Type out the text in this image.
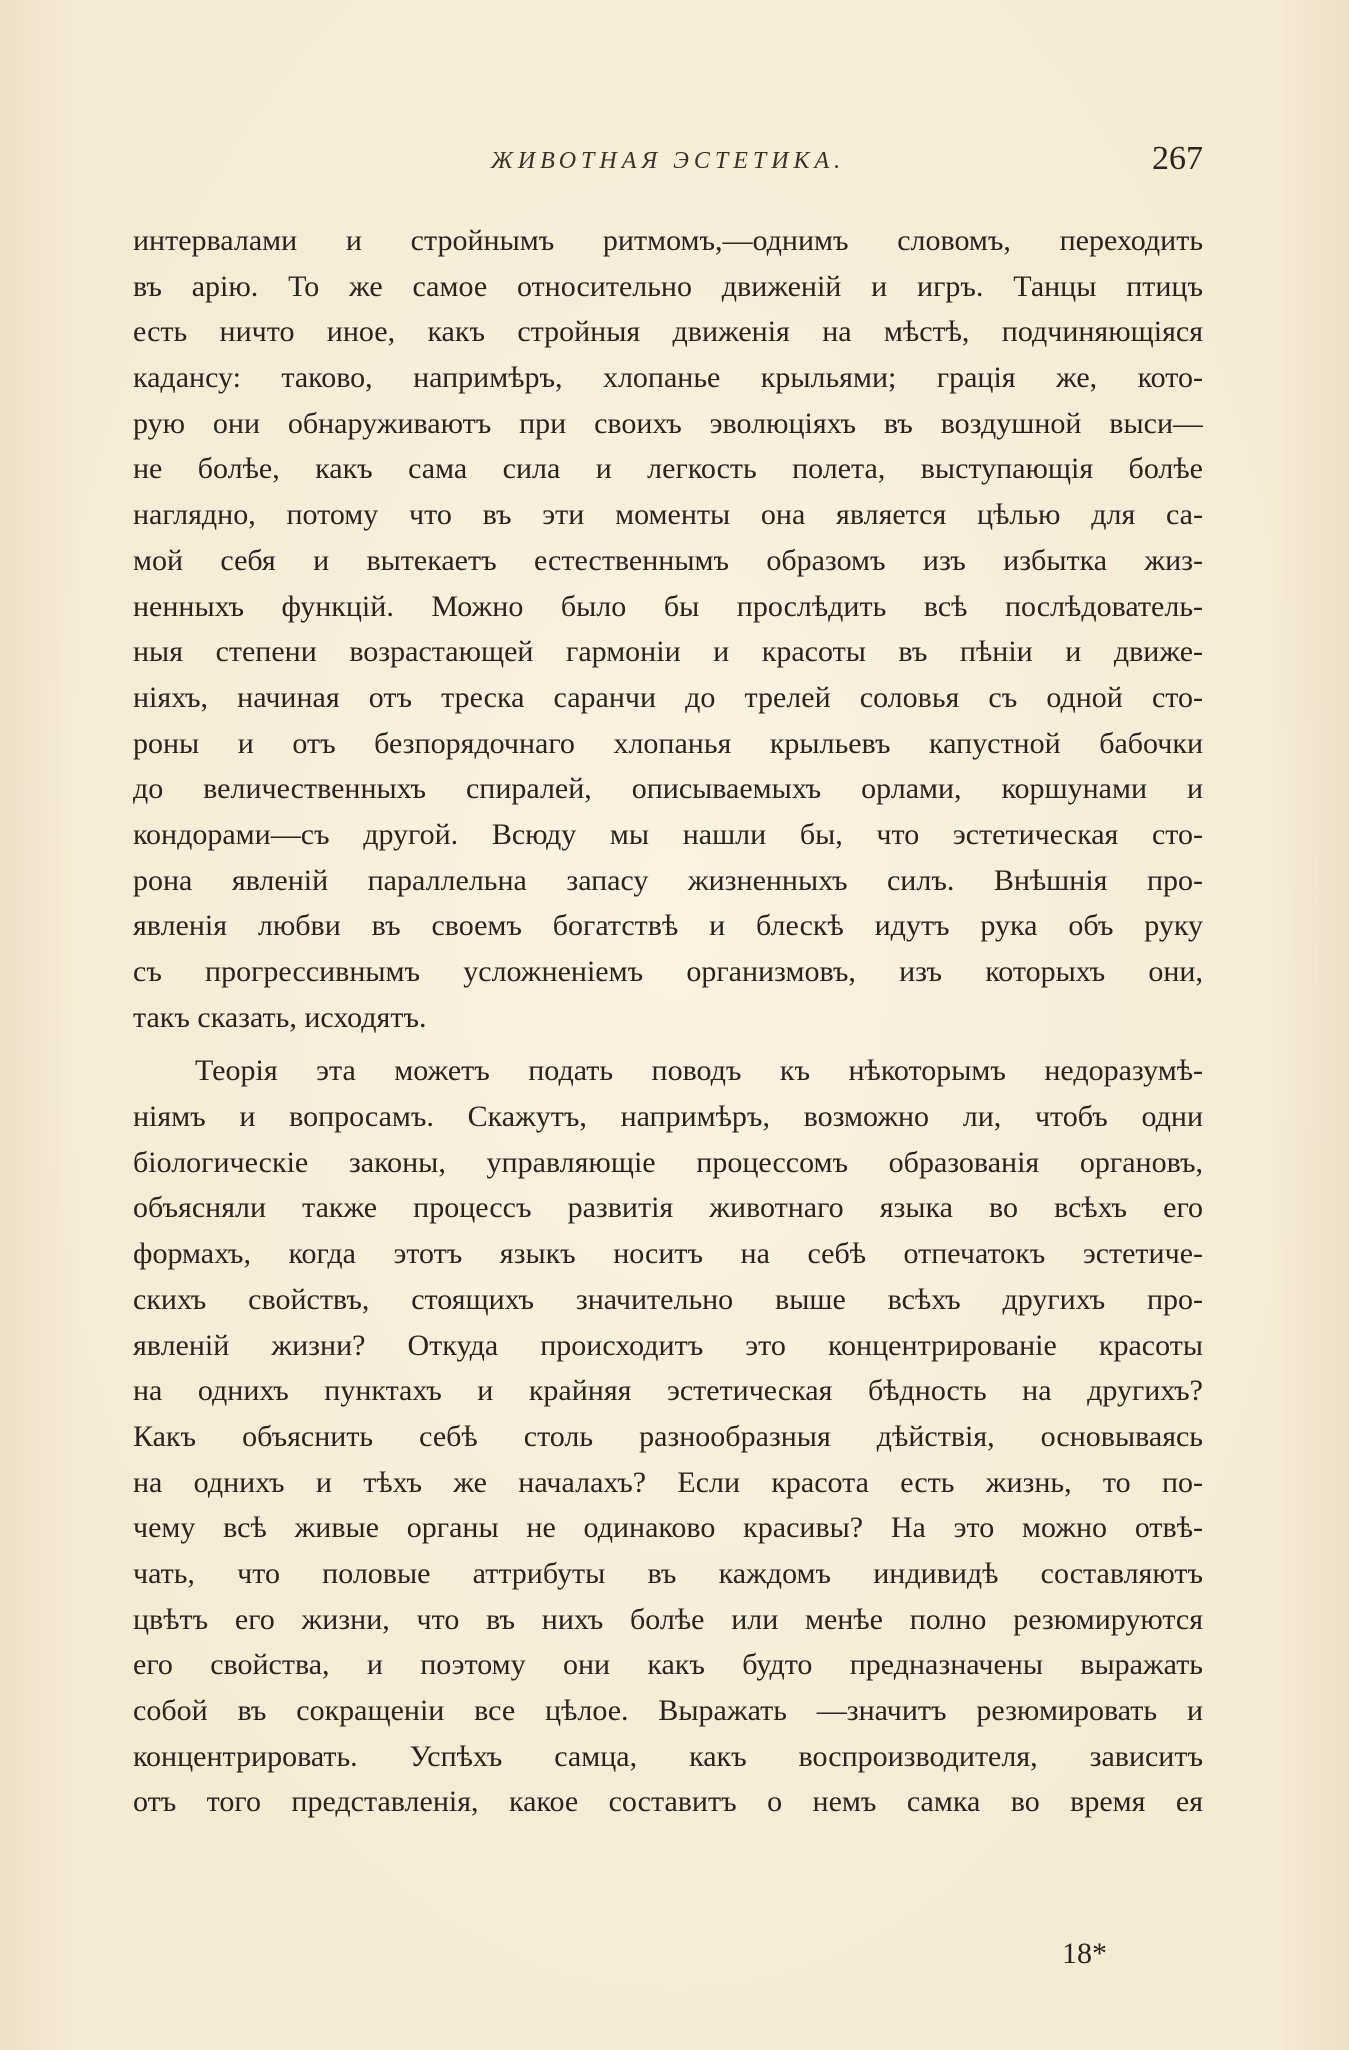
ЖИВОТНАЯ ЭСТЕТИКА.	267
интервалами и стройнымъ ритмомъ,—однимъ словомъ, переходить
въ арію. То же самое относительно движеній и игръ. Танцы птицъ
есть ничто иное, какъ стройныя движенія на мѣстѣ, подчиняющіяся
кадансу: таково, напримѣръ, хлопанье крыльями; грація же, кото-
рую они обнаруживаютъ при своихъ эволюціяхъ въ воздушной выси—
не болѣе, какъ сама сила и легкость полета, выступающія болѣе
наглядно, потому что въ эти моменты она является цѣлью для са-
мой себя и вытекаетъ естественнымъ образомъ изъ избытка жиз-
ненныхъ функцій. Можно было бы прослѣдить всѣ послѣдователь-
ныя степени возрастающей гармоніи и красоты въ пѣніи и движе-
ніяхъ, начиная отъ треска саранчи до трелей соловья съ одной сто-
роны и отъ безпорядочнаго хлопанья крыльевъ капустной бабочки
до величественныхъ спиралей, описываемыхъ орлами, коршунами и
кондорами—съ другой. Всюду мы нашли бы, что эстетическая сто-
рона явленій параллельна запасу жизненныхъ силъ. Внѣшнія про-
явленія любви въ своемъ богатствѣ и блескѣ идутъ рука объ руку
съ прогрессивнымъ усложненіемъ организмовъ, изъ которыхъ они,
такъ сказать, исходятъ.
Теорія эта можетъ подать поводъ къ нѣкоторымъ недоразумѣ-
ніямъ и вопросамъ. Скажутъ, напримѣръ, возможно ли, чтобъ одни
біологическіе законы, управляющіе процессомъ образованія органовъ,
объясняли также процессъ развитія животнаго языка во всѣхъ его
формахъ, когда этотъ языкъ носитъ на себѣ отпечатокъ эстетиче-
скихъ свойствъ, стоящихъ значительно выше всѣхъ другихъ про-
явленій жизни? Откуда происходитъ это концентрированіе красоты
на однихъ пунктахъ и крайняя эстетическая бѣдность на другихъ?
Какъ объяснить себѣ столь разнообразныя дѣйствія, основываясь
на однихъ и тѣхъ же началахъ? Если красота есть жизнь, то по-
чему всѣ живые органы не одинаково красивы? На это можно отвѣ-
чать, что половые аттрибуты въ каждомъ индивидѣ составляютъ
цвѣтъ его жизни, что въ нихъ болѣе или менѣе полно резюмируются
его свойства, и поэтому они какъ будто предназначены выражать
собой въ сокращеніи все цѣлое. Выражать —значитъ резюмировать и
концентрировать. Успѣхъ самца, какъ воспроизводителя, зависитъ
отъ того представленія, какое составитъ о немъ самка во время ея
18*
